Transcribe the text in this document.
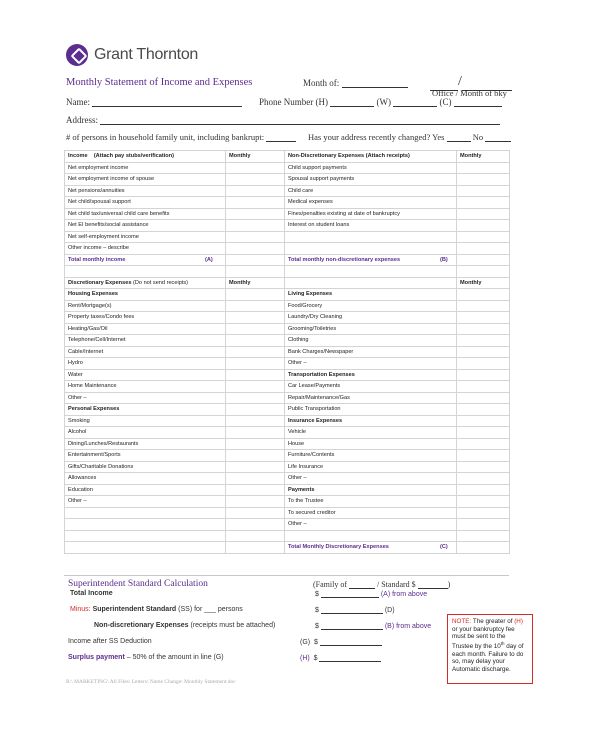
Grant Thornton
Monthly Statement of Income and Expenses	Month of:	/
Office / Month of bky
Name:	Phone Number (H)	(W)	(C)
Address:
# of persons in household family unit, including bankrupt:	Has your address recently changed? Yes	No
Income (Attach pay stubs/verification)	Monthly	Non-Discretionary Expenses (Attach receipts)	Monthly
Net employment income		Child support payments	
Net employment income of spouse		Spousal support payments	
Net pensions/annuities		Child care	
Net child/spousal support		Medical expenses	
Net child tax/universal child care benefits		Fines/penalties existing at date of bankruptcy	
Net EI benefits/social assistance		Interest on student loans	
Net self-employment income			
Other income – describe			
Total monthly income (A)		Total monthly non-discretionary expenses (B)	

Discretionary Expenses (Do not send receipts)	Monthly		Monthly
Housing Expenses		Living Expenses	
Rent/Mortgage(s)		Food/Grocery	
Property taxes/Condo fees		Laundry/Dry Cleaning	
Heating/Gas/Oil		Grooming/Toiletries	
Telephone/Cell/Internet		Clothing	
Cable/Internet		Bank Charges/Newspaper	
Hydro		Other –	
Water		Transportation Expenses	
Home Maintenance		Car Lease/Payments	
Other –		Repair/Maintenance/Gas	
Personal Expenses		Public Transportation	
Smoking		Insurance Expenses	
Alcohol		Vehicle	
Dining/Lunches/Restaurants		House	
Entertainment/Sports		Furniture/Contents	
Gifts/Charitable Donations		Life Insurance	
Allowances		Other –	
Education		Payments	
Other –		To the Trustee	
		To secured creditor	
		Other –	

		Total Monthly Discretionary Expenses (C)	

Superintendent Standard Calculation	(Family of	/ Standard $	)
Total Income	$	(A) from above
Minus: Superintendent Standard (SS) for ___ persons	$	(D)
Non-discretionary Expenses (receipts must be attached)	$	(B) from above
Income after SS Deduction	(G) $
Surplus payment – 50% of the amount in line (G)	(H) $
NOTE: The greater of (H) or your bankruptcy fee must be sent to the Trustee by the 10th day of each month. Failure to do so, may delay your Automatic discharge.
R:\ MARKETING\ All Files\ Letters\ Name Change\ Monthly Statement.doc
